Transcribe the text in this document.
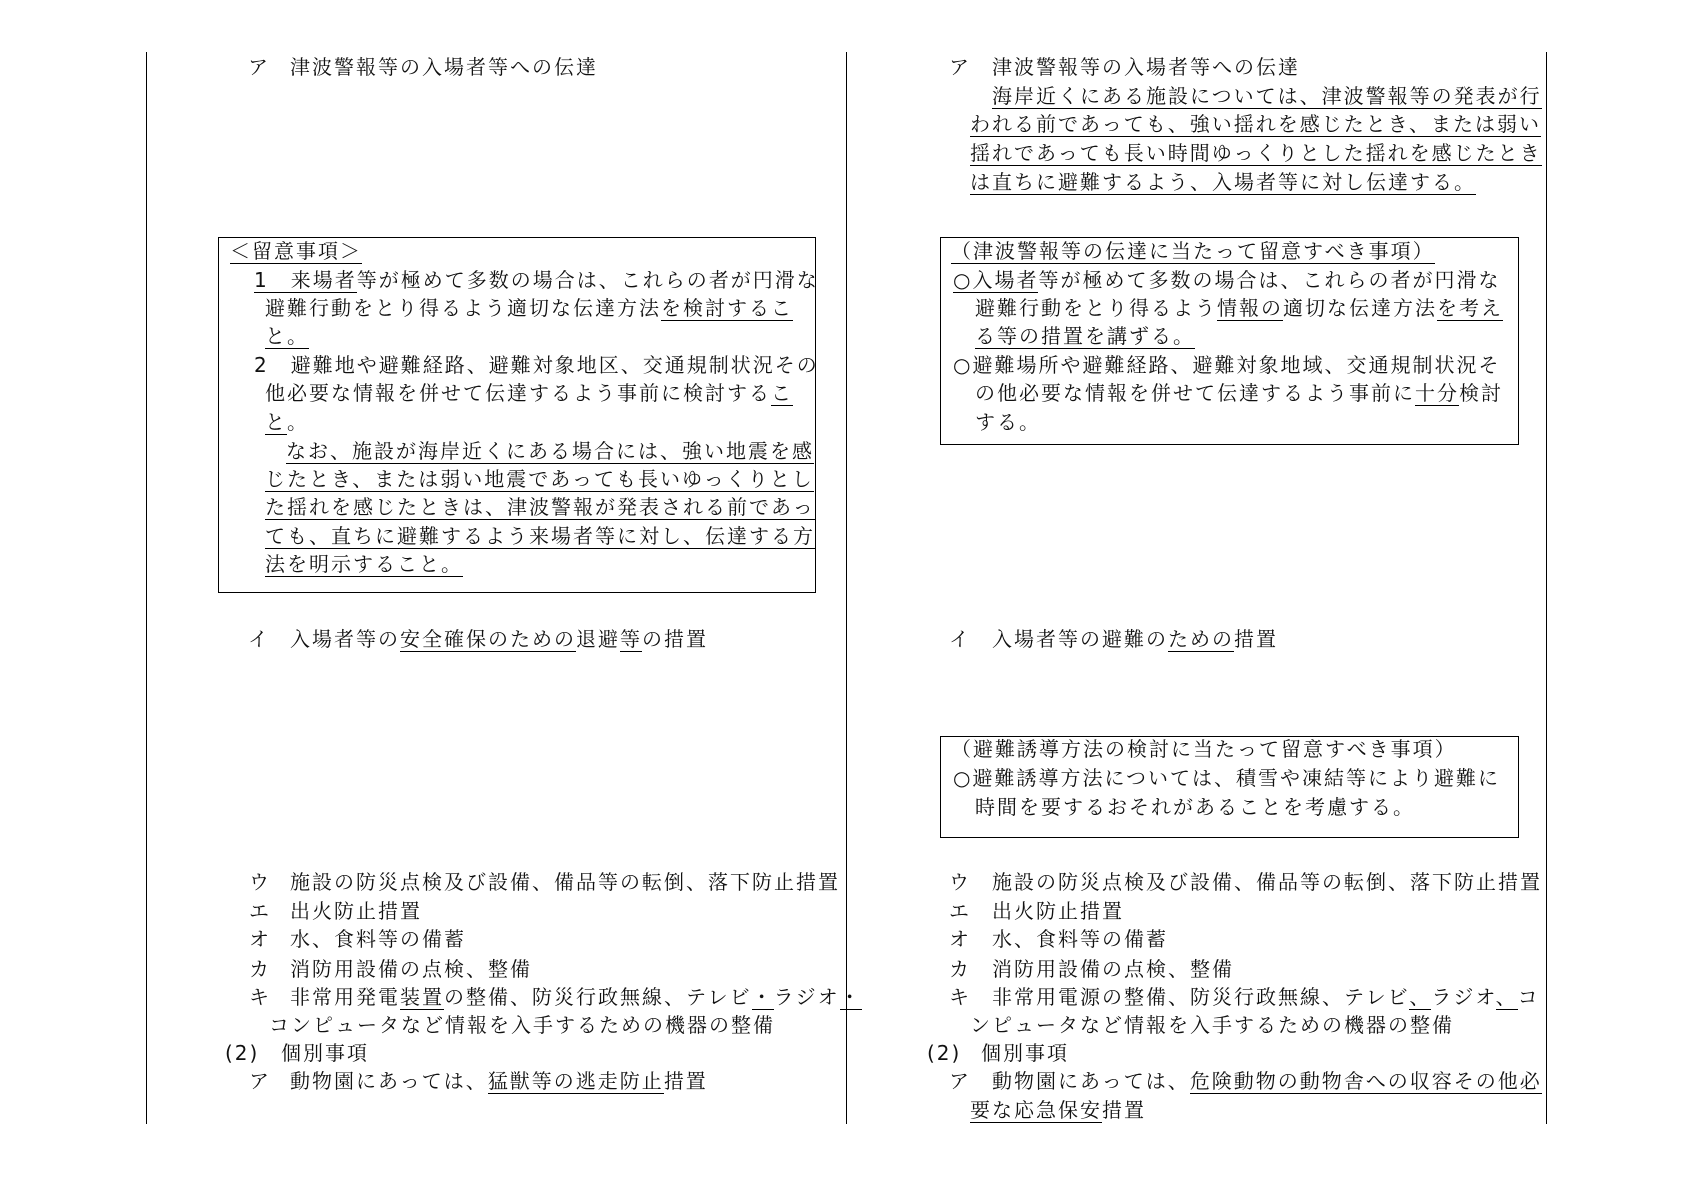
ア 津波警報等の入場者等への伝達
＜留意事項＞
1　来場者等が極めて多数の場合は、これらの者が円滑な
避難行動をとり得るよう適切な伝達方法を検討するこ
と。
2　避難地や避難経路、避難対象地区、交通規制状況その
他必要な情報を併せて伝達するよう事前に検討するこ
と。
なお、施設が海岸近くにある場合には、強い地震を感
じたとき、または弱い地震であっても長いゆっくりとし
た揺れを感じたときは、津波警報が発表される前であっ
ても、直ちに避難するよう来場者等に対し、伝達する方
法を明示すること。
イ 入場者等の安全確保のための退避等の措置
ウ 施設の防災点検及び設備、備品等の転倒、落下防止措置
エ 出火防止措置
オ 水、食料等の備蓄
カ 消防用設備の点検、整備
キ 非常用発電装置の整備、防災行政無線、テレビ・ラジオ・
コンピュータなど情報を入手するための機器の整備
(2) 個別事項
ア 動物園にあっては、猛獣等の逃走防止措置
ア 津波警報等の入場者等への伝達
海岸近くにある施設については、津波警報等の発表が行
われる前であっても、強い揺れを感じたとき、または弱い
揺れであっても長い時間ゆっくりとした揺れを感じたとき
は直ちに避難するよう、入場者等に対し伝達する。
（津波警報等の伝達に当たって留意すべき事項）
○入場者等が極めて多数の場合は、これらの者が円滑な
避難行動をとり得るよう情報の適切な伝達方法を考え
る等の措置を講ずる。
○避難場所や避難経路、避難対象地域、交通規制状況そ
の他必要な情報を併せて伝達するよう事前に十分検討
する。
イ 入場者等の避難のための措置
（避難誘導方法の検討に当たって留意すべき事項）
○避難誘導方法については、積雪や凍結等により避難に
時間を要するおそれがあることを考慮する。
ウ 施設の防災点検及び設備、備品等の転倒、落下防止措置
エ 出火防止措置
オ 水、食料等の備蓄
カ 消防用設備の点検、整備
キ 非常用電源の整備、防災行政無線、テレビ、ラジオ、コ
ンピュータなど情報を入手するための機器の整備
(2) 個別事項
ア 動物園にあっては、危険動物の動物舎への収容その他必
要な応急保安措置
